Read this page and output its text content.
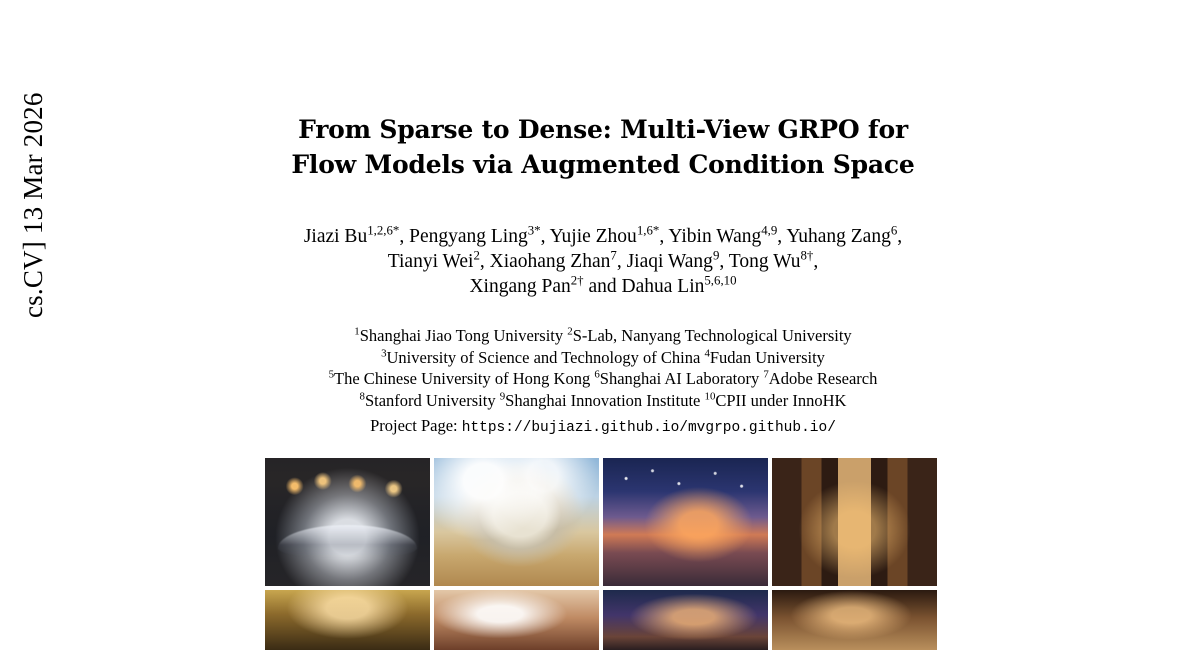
cs.CV] 13 Mar 2026	From Sparse to Dense: Multi-View GRPO for
Flow Models via Augmented Condition Space
Jiazi $Bu^{1,2,6*}$, Pengyang Ling$^{3*}$, Yujie Zhou$^{1,6*}$, Yibin Wang$^{4,9}$, Yuhang Zang$^6$,
Tianyi Wei$^2$, Xiaohang Zhan$^7$, Jiaqi Wang$^9$, Tong $Wu^{8\dagger}$,
Xingang Pan$^{2\dagger}$ and Dahua Lin$^{5,6,10}$
$^1$Shanghai Jiao Tong University $^2$S-Lab, Nanyang Technological University
$^3$University of Science and Technology of China $^4$Fudan University
$^5$The Chinese University of Hong Kong $^6$Shanghai AI Laboratory $^7$Adobe Research
$^8$Stanford University $^9$Shanghai Innovation Institute $^{10}$CPII under InnoHK
Project Page: https://bujiazi.github.io/mvgrpo.github.io/
